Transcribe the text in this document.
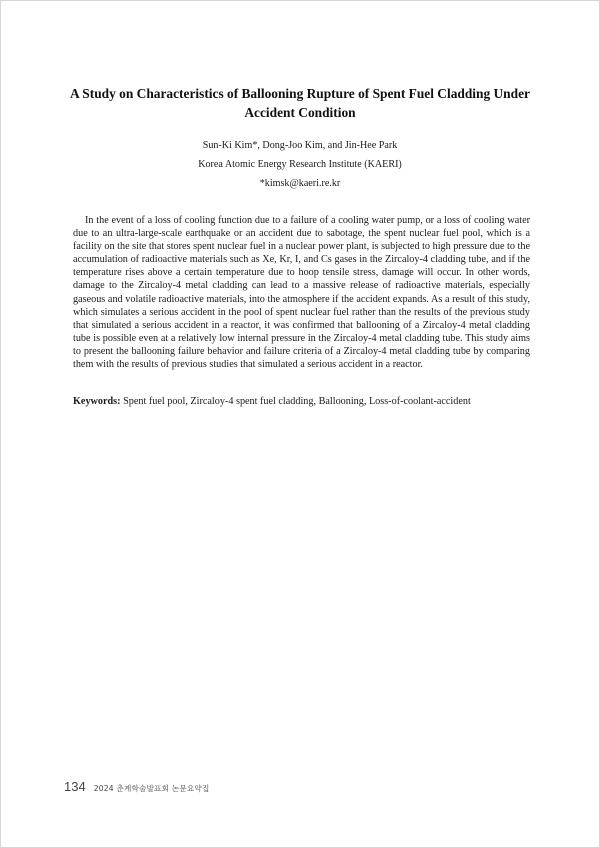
A Study on Characteristics of Ballooning Rupture of Spent Fuel Cladding Under Accident Condition
Sun-Ki Kim*, Dong-Joo Kim, and Jin-Hee Park
Korea Atomic Energy Research Institute (KAERI)
*kimsk@kaeri.re.kr

In the event of a loss of cooling function due to a failure of a cooling water pump, or a loss of cooling water due to an ultra-large-scale earthquake or an accident due to sabotage, the spent nuclear fuel pool, which is a facility on the site that stores spent nuclear fuel in a nuclear power plant, is subjected to high pressure due to the accumulation of radioactive materials such as Xe, Kr, I, and Cs gases in the Zircaloy-4 cladding tube, and if the temperature rises above a certain temperature due to hoop tensile stress, damage will occur. In other words, damage to the Zircaloy-4 metal cladding can lead to a massive release of radioactive materials, especially gaseous and volatile radioactive materials, into the atmosphere if the accident expands. As a result of this study, which simulates a serious accident in the pool of spent nuclear fuel rather than the results of the previous study that simulated a serious accident in a reactor, it was confirmed that ballooning of a Zircaloy-4 metal cladding tube is possible even at a relatively low internal pressure in the Zircaloy-4 metal cladding tube. This study aims to present the ballooning failure behavior and failure criteria of a Zircaloy-4 metal cladding tube by comparing them with the results of previous studies that simulated a serious accident in a reactor.

Keywords: Spent fuel pool, Zircaloy-4 spent fuel cladding, Ballooning, Loss-of-coolant-accident

134 2024 춘계학술발표회 논문요약집
